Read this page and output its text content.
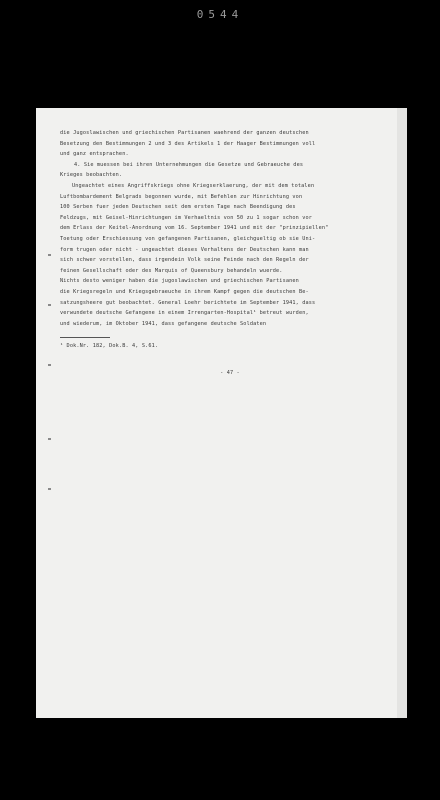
0544
die Jugoslawischen und griechischen Partisanen waehrend der ganzen deutschen
Besetzung den Bestimmungen 2 und 3 des Artikels 1 der Haager Bestimmungen voll
und ganz entsprachen.
4. Sie muessen bei ihren Unternehmungen die Gesetze und Gebraeuche des
Krieges beobachten.
Ungeachtet eines Angriffskriegs ohne Kriegserklaerung, der mit dem totalen
Luftbombardement Belgrads begonnen wurde, mit Befehlen zur Hinrichtung von
100 Serben fuer jeden Deutschen seit dem ersten Tage nach Beendigung des
Feldzugs, mit Geisel-Hinrichtungen im Verhaeltnis von 50 zu 1 sogar schon vor
dem Erlass der Keitel-Anordnung vom 16. September 1941 und mit der "prinzipiellen"
Toetung oder Erschiessung von gefangenen Partisanen, gleichgueltig ob sie Uni-
form trugen oder nicht - ungeachtet dieses Verhaltens der Deutschen kann man
sich schwer vorstellen, dass irgendein Volk seine Feinde nach den Regeln der
feinen Gesellschaft oder des Marquis of Queensbury behandeln wuerde.
Nichts desto weniger haben die jugoslawischen und griechischen Partisanen
die Kriegsregeln und Kriegsgebraeuche in ihrem Kampf gegen die deutschen Be-
satzungsheere gut beobachtet. General Loehr berichtete im September 1941, dass
verwundete deutsche Gefangene in einem Irrengarten-Hospital¹ betreut wurden,
und wiederum, im Oktober 1941, dass gefangene deutsche Soldaten
¹ Dok.Nr. 182, Dok.B. 4, S.61.
- 47 -
